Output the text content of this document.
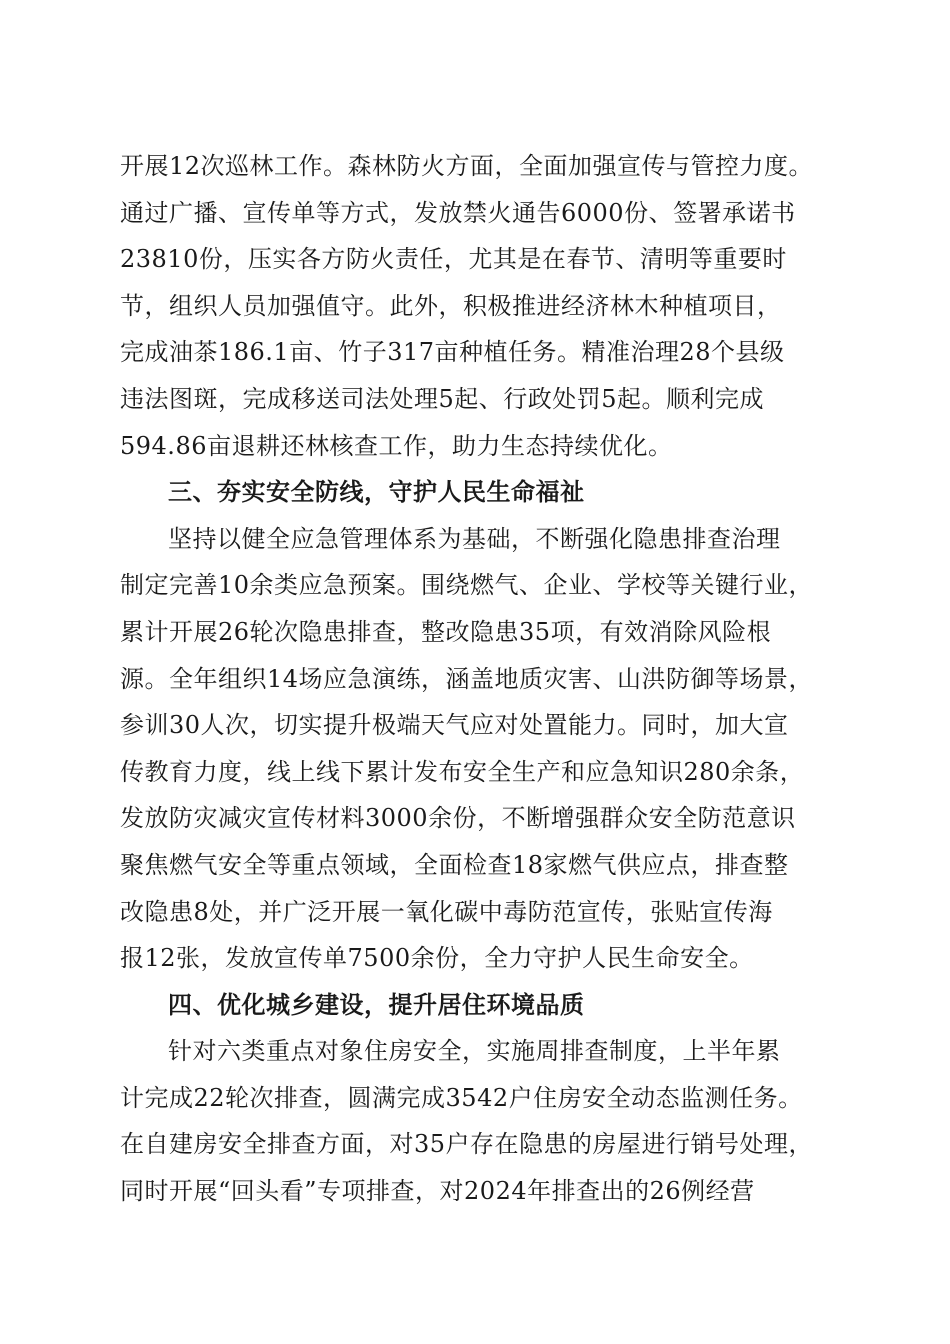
开展12次巡林工作。森林防火方面，全面加强宣传与管控力度。
通过广播、宣传单等方式，发放禁火通告6000份、签署承诺书
23810份，压实各方防火责任，尤其是在春节、清明等重要时
节，组织人员加强值守。此外，积极推进经济林木种植项目，
完成油茶186.1亩、竹子317亩种植任务。精准治理28个县级
违法图斑，完成移送司法处理5起、行政处罚5起。顺利完成
594.86亩退耕还林核查工作，助力生态持续优化。
三、夯实安全防线，守护人民生命福祉
坚持以健全应急管理体系为基础，不断强化隐患排查治理
制定完善10余类应急预案。围绕燃气、企业、学校等关键行业，
累计开展26轮次隐患排查，整改隐患35项，有效消除风险根
源。全年组织14场应急演练，涵盖地质灾害、山洪防御等场景，
参训30人次，切实提升极端天气应对处置能力。同时，加大宣
传教育力度，线上线下累计发布安全生产和应急知识280余条，
发放防灾减灾宣传材料3000余份，不断增强群众安全防范意识
聚焦燃气安全等重点领域，全面检查18家燃气供应点，排查整
改隐患8处，并广泛开展一氧化碳中毒防范宣传，张贴宣传海
报12张，发放宣传单7500余份，全力守护人民生命安全。
四、优化城乡建设，提升居住环境品质
针对六类重点对象住房安全，实施周排查制度，上半年累
计完成22轮次排查，圆满完成3542户住房安全动态监测任务。
在自建房安全排查方面，对35户存在隐患的房屋进行销号处理，
同时开展“回头看”专项排查，对2024年排查出的26例经营
